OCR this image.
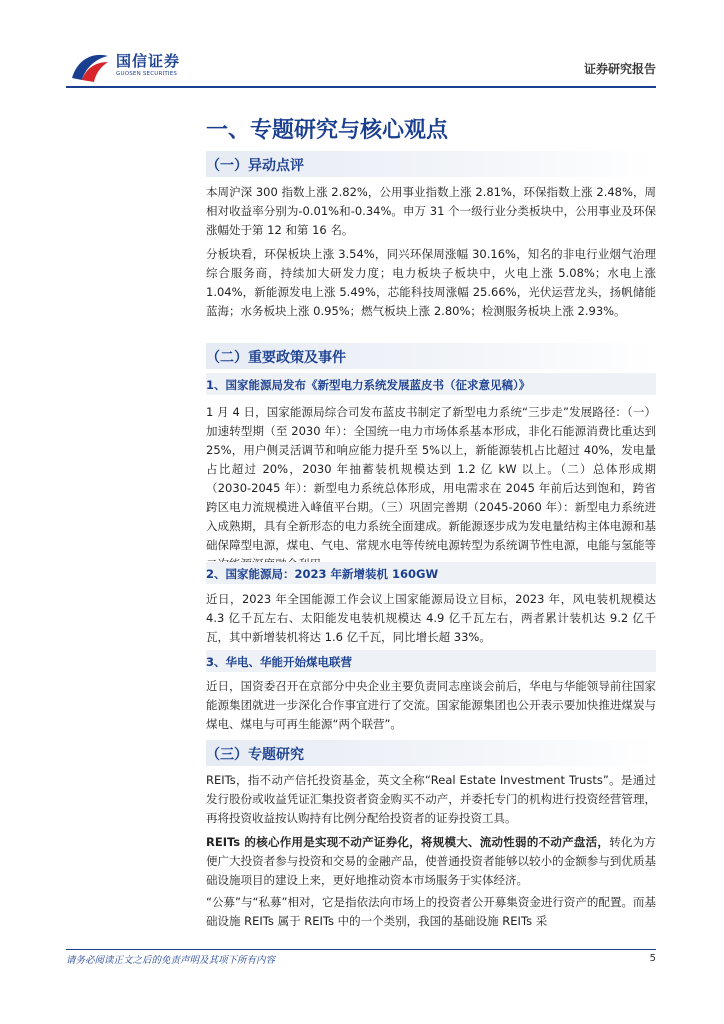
国信证券
GUOSEN SECURITIES	证券研究报告
一、专题研究与核心观点
（一）异动点评

本周沪深 300 指数上涨 2.82%，公用事业指数上涨 2.81%，环保指数上涨 2.48%，周相对收益率分别为-0.01%和-0.34%。申万 31 个一级行业分类板块中，公用事业及环保涨幅处于第 12 和第 16 名。

分板块看，环保板块上涨 3.54%，同兴环保周涨幅 30.16%，知名的非电行业烟气治理综合服务商，持续加大研发力度；电力板块子板块中，火电上涨 5.08%；水电上涨 1.04%，新能源发电上涨 5.49%，芯能科技周涨幅 25.66%，光伏运营龙头，扬帆储能蓝海；水务板块上涨 0.95%；燃气板块上涨 2.80%；检测服务板块上涨 2.93%。

（二）重要政策及事件
1、国家能源局发布《新型电力系统发展蓝皮书（征求意见稿）》

1 月 4 日，国家能源局综合司发布蓝皮书制定了新型电力系统“三步走”发展路径：（一）加速转型期（至 2030 年）：全国统一电力市场体系基本形成，非化石能源消费比重达到 25%，用户侧灵活调节和响应能力提升至 5%以上，新能源装机占比超过 40%，发电量占比超过 20%，2030 年抽蓄装机规模达到 1.2 亿 kW 以上。（二）总体形成期（2030-2045 年）：新型电力系统总体形成，用电需求在 2045 年前后达到饱和，跨省跨区电力流规模进入峰值平台期。（三）巩固完善期（2045-2060 年）：新型电力系统进入成熟期，具有全新形态的电力系统全面建成。新能源逐步成为发电量结构主体电源和基础保障型电源，煤电、气电、常规水电等传统电源转型为系统调节性电源，电能与氢能等

2、国家能源局：2023 年新增装机 160GW

近日，2023 年全国能源工作会议上国家能源局设立目标，2023 年，风电装机规模达 4.3 亿千瓦左右、太阳能发电装机规模达 4.9 亿千瓦左右，两者累计装机达 9.2 亿千瓦，其中新增装机将达 1.6 亿千瓦，同比增长超 33%。

3、华电、华能开始煤电联营

近日，国资委召开在京部分中央企业主要负责同志座谈会前后，华电与华能领导前往国家能源集团就进一步深化合作事宜进行了交流。国家能源集团也公开表示要加快推进煤炭与煤电、煤电与可再生能源“两个联营”。

（三）专题研究

REITs，指不动产信托投资基金，英文全称“Real Estate Investment Trusts”。是通过发行股份或收益凭证汇集投资者资金购买不动产，并委托专门的机构进行投资经营管理，再将投资收益按认购持有比例分配给投资者的证券投资工具。

REITs 的核心作用是实现不动产证券化，将规模大、流动性弱的不动产盘活，转化为方便广大投资者参与投资和交易的金融产品，使普通投资者能够以较小的金额参与到优质基础设施项目的建设上来，更好地推动资本市场服务于实体经济。

“公募”与“私募”相对，它是指依法向市场上的投资者公开募集资金进行资产的配置。而基础设施 REITs 属于 REITs 中的一个类别，我国的基础设施 REITs 采

请务必阅读正文之后的免责声明及其项下所有内容	5
